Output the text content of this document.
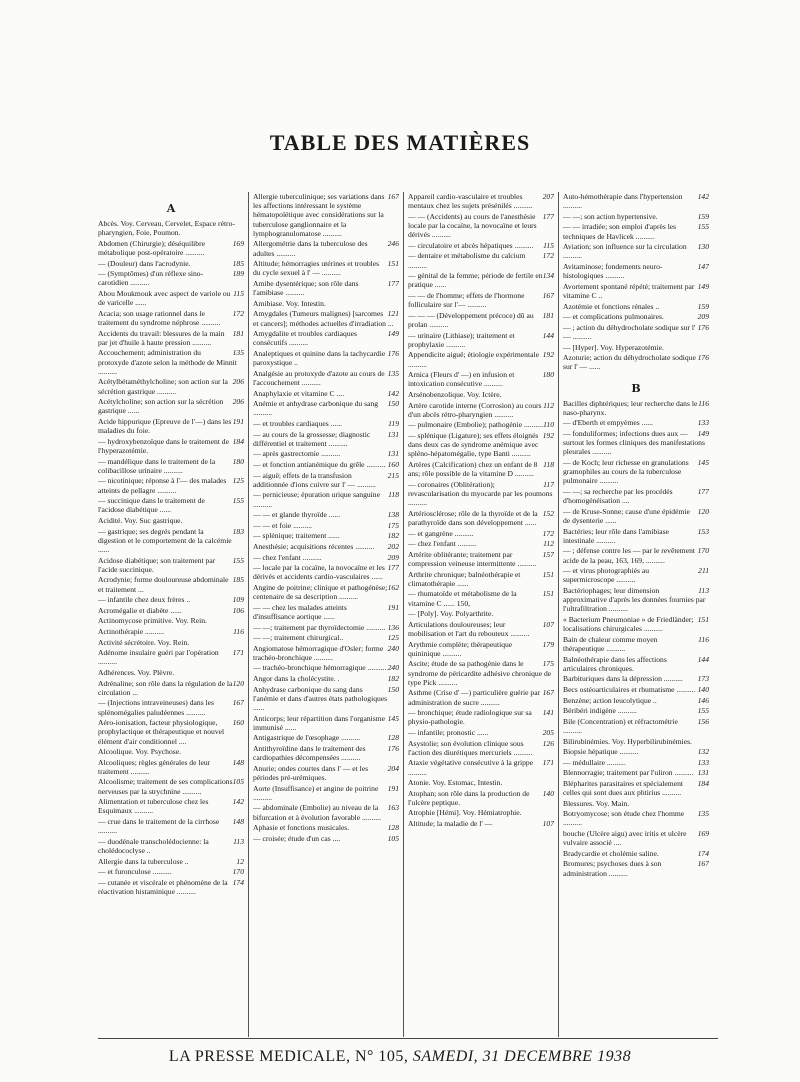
TABLE DES MATIÈRES
A
Abcès. Voy. Cerveau, Cervelet, Espace rétro-pharyngien, Foie, Poumon.
169
Abdomen (Chirurgie); déséquilibre métabolique post-opératoire ..........
185
— (Douleur) dans l'acrodynie.
189
— (Symptômes) d'un réflexe sino-carotidien ..........
115
Abou Moukmouk avec aspect de variole ou de varicelle ......
172
Acacia; son usage rationnel dans le traitement du syndrome néphrose ..........
181
Accidents du travail: blessures de la main par jet d'huile à haute pression ..........
135
Accouchement; administration du protoxyde d'azote selon la méthode de Minnit ..........
206
Acétylbétaméthylcholine; son action sur la sécrétion gastrique ..........
206
Acétylcholine; son action sur la sécrétion gastrique ......
191
Acide hippurique (Epreuve de l'—) dans les maladies du foie.
184
— hydroxybenzoïque dans le traitement de l'hyperazotémie.
180
— mandélique dans le traitement de la colibacillose urinaire ..........
125
— nicotinique; réponse à l'— des malades atteints de pellagre ..........
155
— succinique dans le traitement de l'acidose diabétique ......
Acidité. Voy. Suc gastrique.
183
— gastrique; ses degrés pendant la digestion et le comportement de la calcémie ......
155
Acidose diabétique; son traitement par l'acide succinique.
185
Acrodynie; forme douloureuse abdominale et traitement ...
109
— infantile chez deux frères ..
106
Acromégalie et diabète ......
Actinomycose primitive. Voy. Rein.
116
Actinothérapie ..........
Activité sécrétoire. Voy. Rein.
171
Adénome insulaire guéri par l'opération ..........
Adhérences. Voy. Plèvre.
120
Adrénaline; son rôle dans la régulation de la circulation ...
167
— (Injections intraveineuses) dans les splénomégalies paludéennes ..........
160
Aéro-ionisation, facteur physiologique, prophylactique et thérapeutique et nouvel élément d'air conditionnel ....
Alcoolique. Voy. Psychose.
148
Alcooliques; règles générales de leur traitement ..........
105
Alcoolisme; traitement de ses complications nerveuses par la strychnine ..........
142
Alimentation et tuberculose chez les Esquimaux ..........
148
— crue dans le traitement de la cirrhose ..........
113
— duodénale transcholédocienne: la cholédococlyse ..
12
Allergie dans la tuberculose ..
170
— et furonculose ..........
174
— cutanée et viscérale et phénomène de la réactivation histaminique ..........
167
Allergie tuberculinique; ses variations dans les affections intéressant le système hématopoïétique avec considérations sur la tuberculose ganglionnaire et la lymphogranulomatose ..........
246
Allergométrie dans la tuberculose des adultes ..........
151
Altitude; hémorragies utérines et troubles du cycle sexuel à l' — ..........
177
Amibe dysentérique; son rôle dans l'amibiase ..........
Amibiase. Voy. Intestin.
121
Amygdales (Tumeurs malignes) [sarcomes et cancers]; méthodes actuelles d'irradiation ...
149
Amygdalite et troubles cardiaques consécutifs ..........
176
Analeptiques et quinine dans la tachycardie paroxystique ..
135
Analgésie au protoxyde d'azote au cours de l'accouchement ..........
142
Anaphylaxie et vitamine C ....
150
Anémie et anhydrase carbonique du sang ..........
119
— et troubles cardiaques ......
131
— au cours de la grossesse; diagnostic différentiel et traitement ..........
131
— après gastrectomie ..........
160
— et fonction antianémique du grêle ..........
215
— aiguë; effets de la transfusion additionnée d'ions cuivre sur l' — ..........
118
— pernicieuse; épuration urique sanguine ..........
138
— — et glande thyroïde ......
175
— — et foie ..........
182
— splénique; traitement ......
202
Anesthésie; acquisitions récentes ..........
209
— chez l'enfant ..........
177
— locale par la cocaïne, la novocaïne et les dérivés et accidents cardio-vasculaires ......
162
Angine de poitrine; clinique et pathogénèse; centenaire de sa description ..........
191
— — chez les malades atteints d'insuffisance aortique ......
136
— —; traitement par thyroïdectomie ..........
125
— —; traitement chirurgical..
240
Angiomatose hémorragique d'Osler; forme trachéo-bronchique ..........
240
— trachéo-bronchique hémorragique ..........
182
Angor dans la cholécystite. .
150
Anhydrase carbonique du sang dans l'anémie et dans d'autres états pathologiques ......
145
Anticorps; leur répartition dans l'organisme immunisé ......
128
Antigastrique de l'œsophage ..........
176
Antithyroïdine dans le traitement des cardiopathies décompensées ..........
204
Anurie; ondes courtes dans l' — et les périodes pré-urémiques.
191
Aorte (Insuffisance) et angine de poitrine ..........
163
— abdominale (Embolie) au niveau de la bifurcation et à évolution favorable ..........
128
Aphasie et fonctions musicales.
105
— croisée; étude d'un cas ....
207
Appareil cardio-vasculaire et troubles mentaux chez les sujets présénilés ..........
177
— — (Accidents) au cours de l'anesthésie locale par la cocaïne, la novocaïne et leurs dérivés ..........
115
— circulatoire et abcès hépatiques ..........
172
— dentaire et métabolisme du calcium ..........
134
— génital de la femme; période de fertile en pratique ......
167
— — de l'homme; effets de l'hormone folliculaire sur l'— ..........
181
— — — (Développement précoce) dû au prolan ..........
144
— urinaire (Lithiase); traitement et prophylaxie ..........
192
Appendicite aiguë; étiologie expérimentale ..........
180
Arnica (Fleurs d' —) en infusion et intoxication consécutive ..........
Arsénobenzolique. Voy. Ictère.
112
Artère carotide interne (Corrosion) au cours d'un abcès rétro-pharyngien ..........
110
— pulmonaire (Embolie); pathogénie ..........
192
— splénique (Ligature); ses effets éloignés dans deux cas de syndrome anémique avec spléno-hépatomégalie, type Banti ..........
118
Artères (Calcification) chez un enfant de 8 ans; rôle possible de la vitamine D ..........
117
— coronaires (Oblitération); revascularisation du myocarde par les poumons ..........
152
Artériosclérose; rôle de la thyroïde et de la parathyroïde dans son développement ......
172
— et gangrène ..........
112
— chez l'enfant ..........
157
Artérite oblitérante; traitement par compression veineuse intermittente ..........
151
Arthrite chronique; balnéothérapie et climatothérapie ......
151
— rhumatoïde et métabolisme de la vitamine C ...... 150,
— [Poly]. Voy. Polyarthrite.
107
Articulations douloureuses; leur mobilisation et l'art du rebouteux ..........
179
Arythmie complète; thérapeutique quininique ..........
175
Ascite; étude de sa pathogénie dans le syndrome de péricardite adhésive chronique de type Pick ..........
167
Asthme (Crise d' —) particulière guérie par administration de sucre ..........
141
— bronchique; étude radiologique sur sa physio-pathologie.
205
— infantile; pronostic ......
126
Asystolie; son évolution clinique sous l'action des diurétiques mercuriels ..........
171
Ataxie végétative consécutive à la grippe ..........
Atonie. Voy. Estomac, Intestin.
140
Atophan; son rôle dans la production de l'ulcère peptique.
Atrophie [Hémi]. Voy. Hémiatrophie.
107
Altitude; la maladie de l' —
142
Auto-hémothérapie dans l'hypertension ..........
159
— —; son action hypertensive.
155
— — irradiée; son emploi d'après les techniques de Havlicek ..........
130
Aviation; son influence sur la circulation ..........
147
Avitaminose; fondements neuro-histologiques ..........
149
Avortement spontané répété; traitement par vitamine C ..
159
Azotémie et fonctions rénales ..
209
— et complications pulmonaires.
176
— ; action du déhydrocholate sodique sur l' — ..........
— [Hyper]. Voy. Hyperazotémie.
176
Azoturie; action du déhydrocholate sodique sur l' — ......
B
116
Bacilles diphtériques; leur recherche dans le naso-pharynx.
133
— d'Eberth et empyèmes ......
149
— fonduliformes; infections dues aux — surtout les formes cliniques des manifestations pleurales ..........
145
— de Koch; leur richesse en granulations gramophiles au cours de la tuberculose pulmonaire ..........
177
— —; sa recherche par les procédés d'homogénéisation ....
120
— de Kruse-Sonne; cause d'une épidémie de dysenterie ......
153
Bactéries; leur rôle dans l'amibiase intestinale ..........
170
— ; défense contre les — par le revêtement acide de la peau, 163, 169, ..........
211
— et virus photographiés au supermicroscope ..........
113
Bactériophages; leur dimension approximative d'après les données fournies par l'ultrafiltration ..........
151
« Bacterium Pneumoniae » de Friedländer; localisations chirurgicales ..........
116
Bain de chaleur comme moyen thérapeutique ..........
144
Balnéothérapie dans les affections articulaires chroniques.
173
Barbituriques dans la dépression ..........
140
Becs ostéoarticulaires et rhumatisme ..........
146
Benzène; action leucolytique ..
155
Béribéri indigène ..........
156
Bile (Concentration) et réfractométrie ..........
Bilirubinémies. Voy. Hyperbilirubinémies.
132
Biopsie hépatique ..........
133
— médullaire ..........
131
Blennorragie; traitement par l'uliron ..........
184
Blépharites parasitaires et spécialement celles qui sont dues aux phtirius ..........
Blessures. Voy. Main.
135
Botryomycose; son étude chez l'homme ..........
169
bouche (Ulcère aigu) avec iritis et ulcère vulvaire associé ....
174
Bradycardie et cholémie saline.
167
Bromures; psychoses dues à son administration ..........
LA PRESSE MEDICALE, N° 105, SAMEDI, 31 DECEMBRE 1938
